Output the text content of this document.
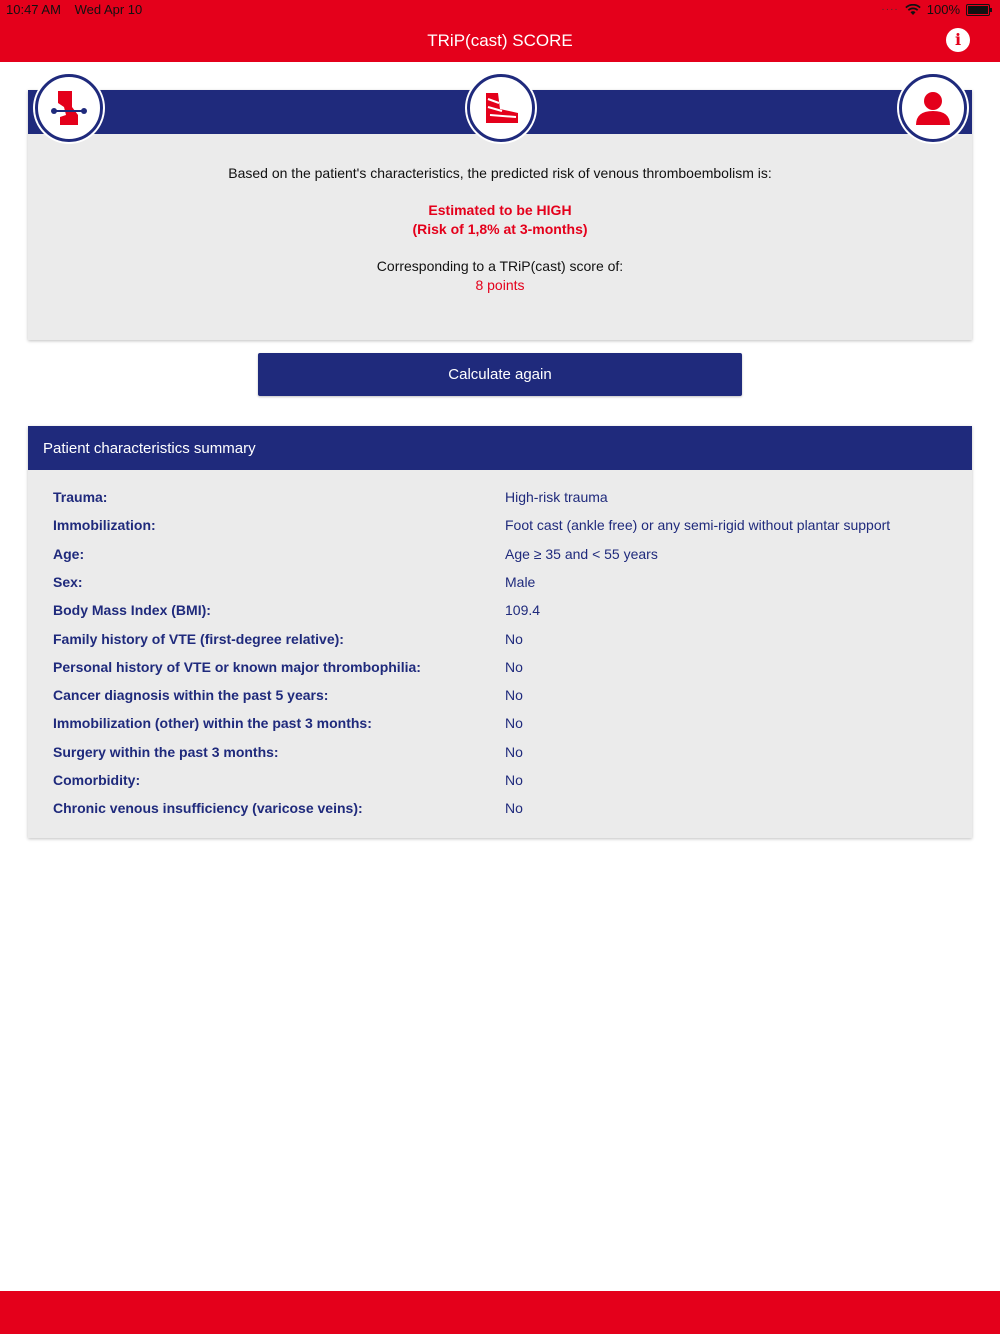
10:47 AM Wed Apr 10	···· 100%
TRiP(cast) SCORE	i
Based on the patient's characteristics, the predicted risk of venous thromboembolism is:
Estimated to be HIGH
(Risk of 1,8% at 3-months)
Corresponding to a TRiP(cast) score of:
8 points
Calculate again
Patient characteristics summary
Trauma:	High-risk trauma
Immobilization:	Foot cast (ankle free) or any semi-rigid without plantar support
Age:	Age ≥ 35 and < 55 years
Sex:	Male
Body Mass Index (BMI):	109.4
Family history of VTE (first-degree relative):	No
Personal history of VTE or known major thrombophilia:	No
Cancer diagnosis within the past 5 years:	No
Immobilization (other) within the past 3 months:	No
Surgery within the past 3 months:	No
Comorbidity:	No
Chronic venous insufficiency (varicose veins):	No
